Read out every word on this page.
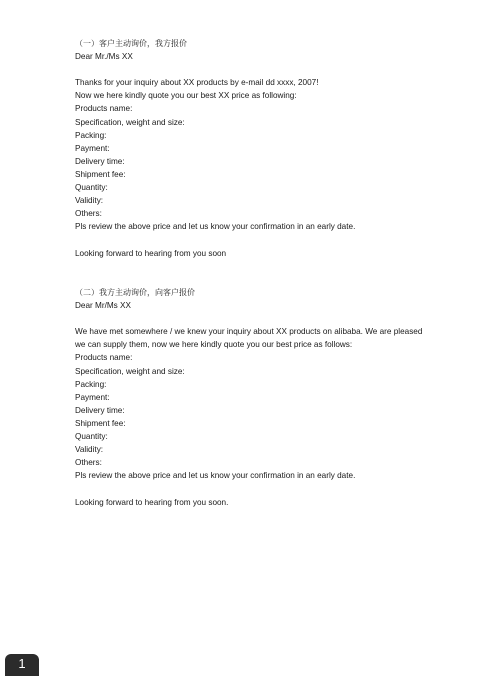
（一）客户主动询价，我方报价
Dear Mr./Ms XX
Thanks for your inquiry about XX products by e-mail dd xxxx, 2007!
Now we here kindly quote you our best XX price as following:
Products name:
Specification, weight and size:
Packing:
Payment:
Delivery time:
Shipment fee:
Quantity:
Validity:
Others:
Pls review the above price and let us know your confirmation in an early date.
Looking forward to hearing from you soon
（二）我方主动询价，向客户报价
Dear Mr/Ms XX
We have met somewhere / we knew your inquiry about XX products on alibaba. We are pleased we can supply them, now we here kindly quote you our best price as follows:
Products name:
Specification, weight and size:
Packing:
Payment:
Delivery time:
Shipment fee:
Quantity:
Validity:
Others:
Pls review the above price and let us know your confirmation in an early date.
Looking forward to hearing from you soon.
1
